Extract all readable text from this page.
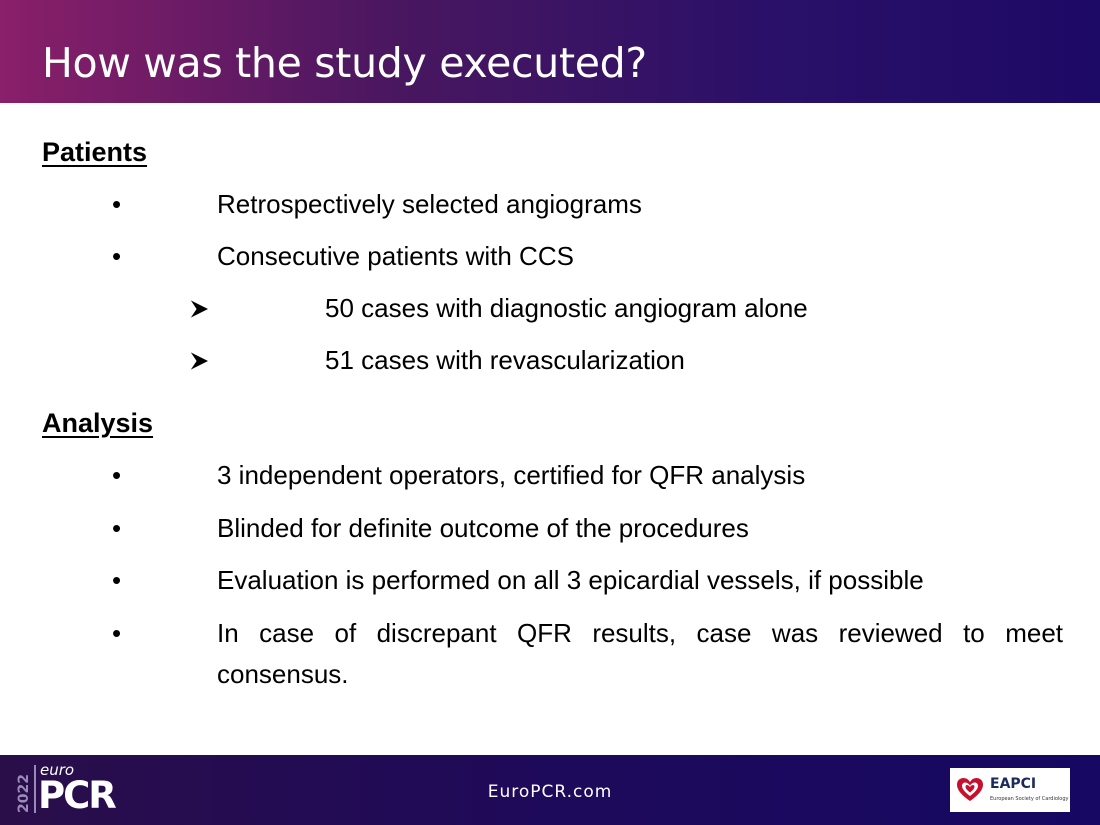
How was the study executed?
Patients
•	Retrospectively selected angiograms
•	Consecutive patients with CCS
50 cases with diagnostic angiogram alone
51 cases with revascularization
Analysis
•	3 independent operators, certified for QFR analysis
•	Blinded for definite outcome of the procedures
•	Evaluation is performed on all 3 epicardial vessels, if possible
•	In case of discrepant QFR results, case was reviewed to meet consensus.
2022
euro
PCR	EuroPCR.com	EAPCI
European Society of Cardiology
